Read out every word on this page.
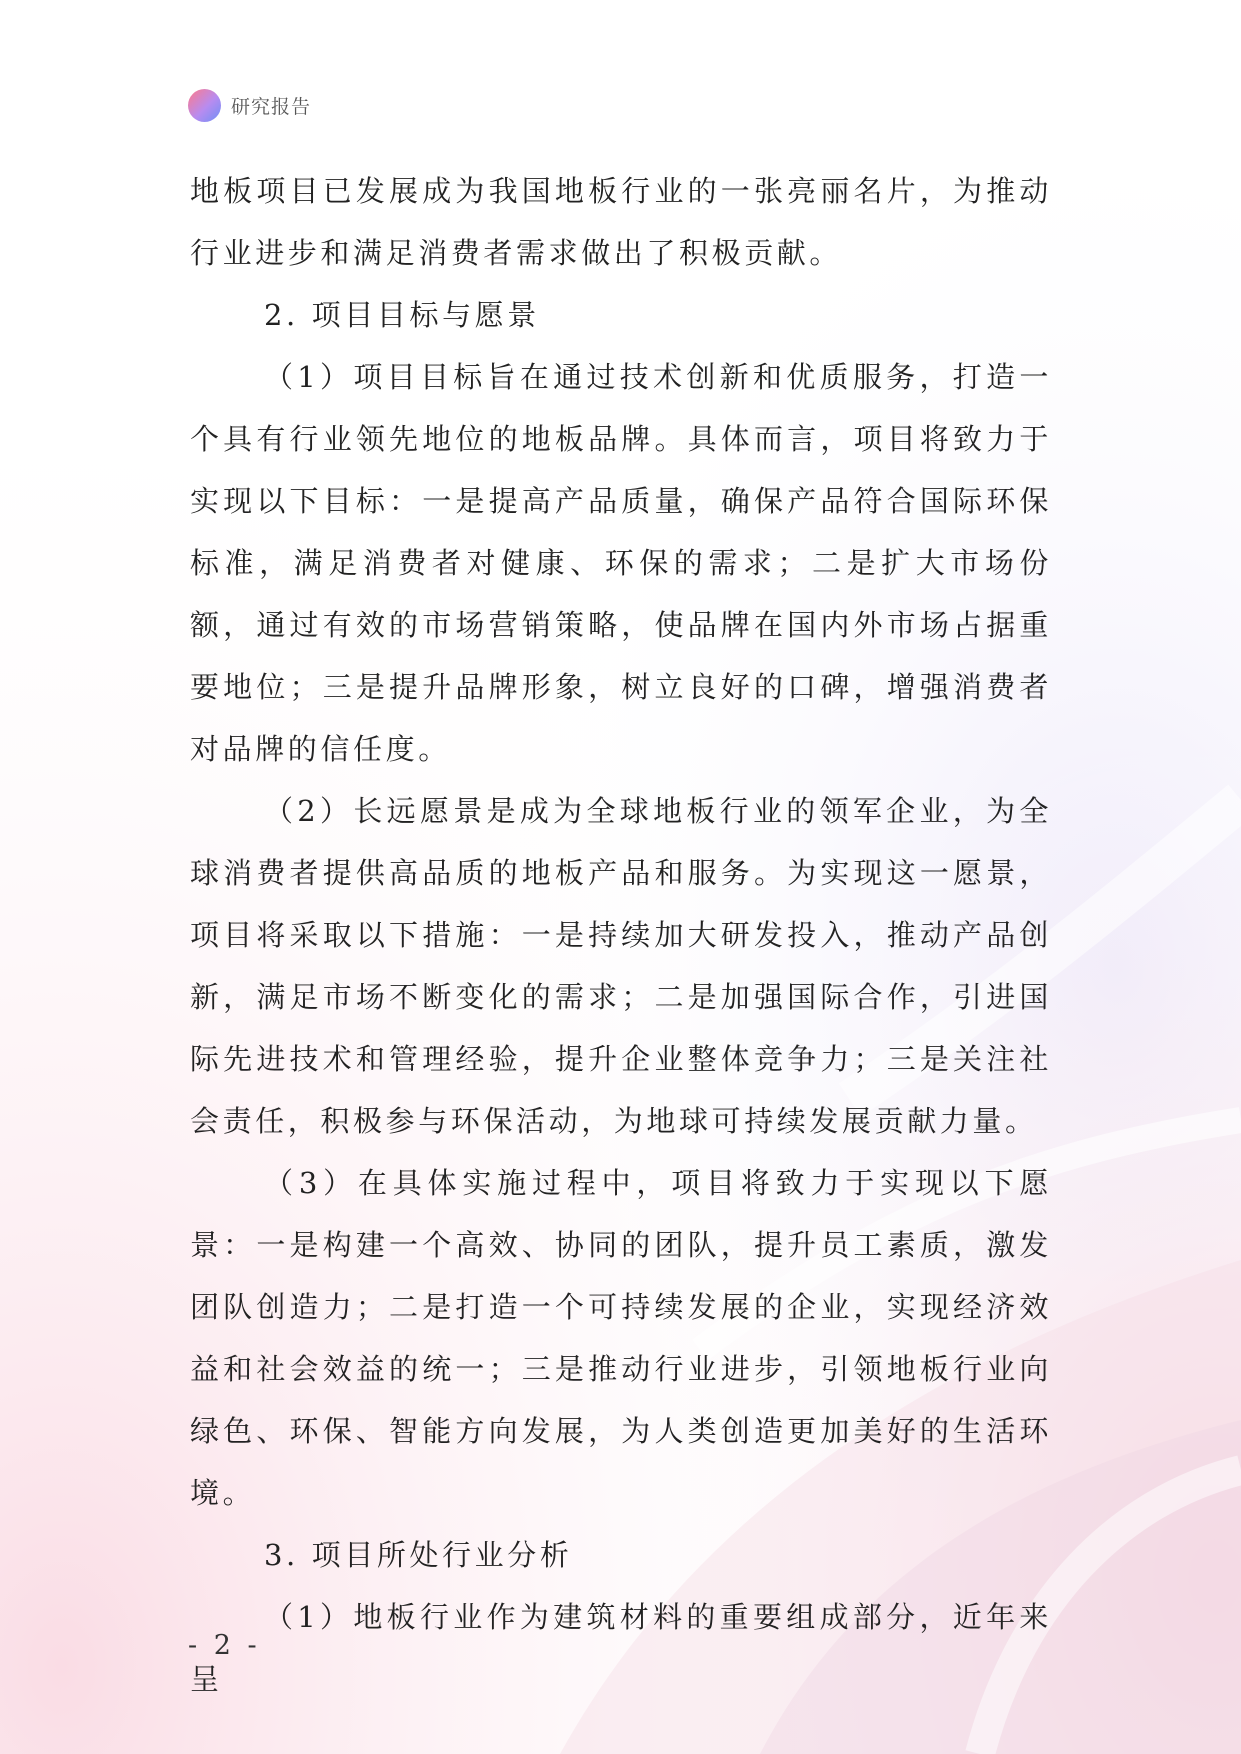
研究报告

地板项目已发展成为我国地板行业的一张亮丽名片，为推动行业进步和满足消费者需求做出了积极贡献。

2. 项目目标与愿景

（1）项目目标旨在通过技术创新和优质服务，打造一个具有行业领先地位的地板品牌。具体而言，项目将致力于实现以下目标：一是提高产品质量，确保产品符合国际环保标准，满足消费者对健康、环保的需求；二是扩大市场份额，通过有效的市场营销策略，使品牌在国内外市场占据重要地位；三是提升品牌形象，树立良好的口碑，增强消费者对品牌的信任度。

（2）长远愿景是成为全球地板行业的领军企业，为全球消费者提供高品质的地板产品和服务。为实现这一愿景，项目将采取以下措施：一是持续加大研发投入，推动产品创新，满足市场不断变化的需求；二是加强国际合作，引进国际先进技术和管理经验，提升企业整体竞争力；三是关注社会责任，积极参与环保活动，为地球可持续发展贡献力量。

（3）在具体实施过程中，项目将致力于实现以下愿景：一是构建一个高效、协同的团队，提升员工素质，激发团队创造力；二是打造一个可持续发展的企业，实现经济效益和社会效益的统一；三是推动行业进步，引领地板行业向绿色、环保、智能方向发展，为人类创造更加美好的生活环境。

3. 项目所处行业分析

（1）地板行业作为建筑材料的重要组成部分，近年来呈

- 2 -
